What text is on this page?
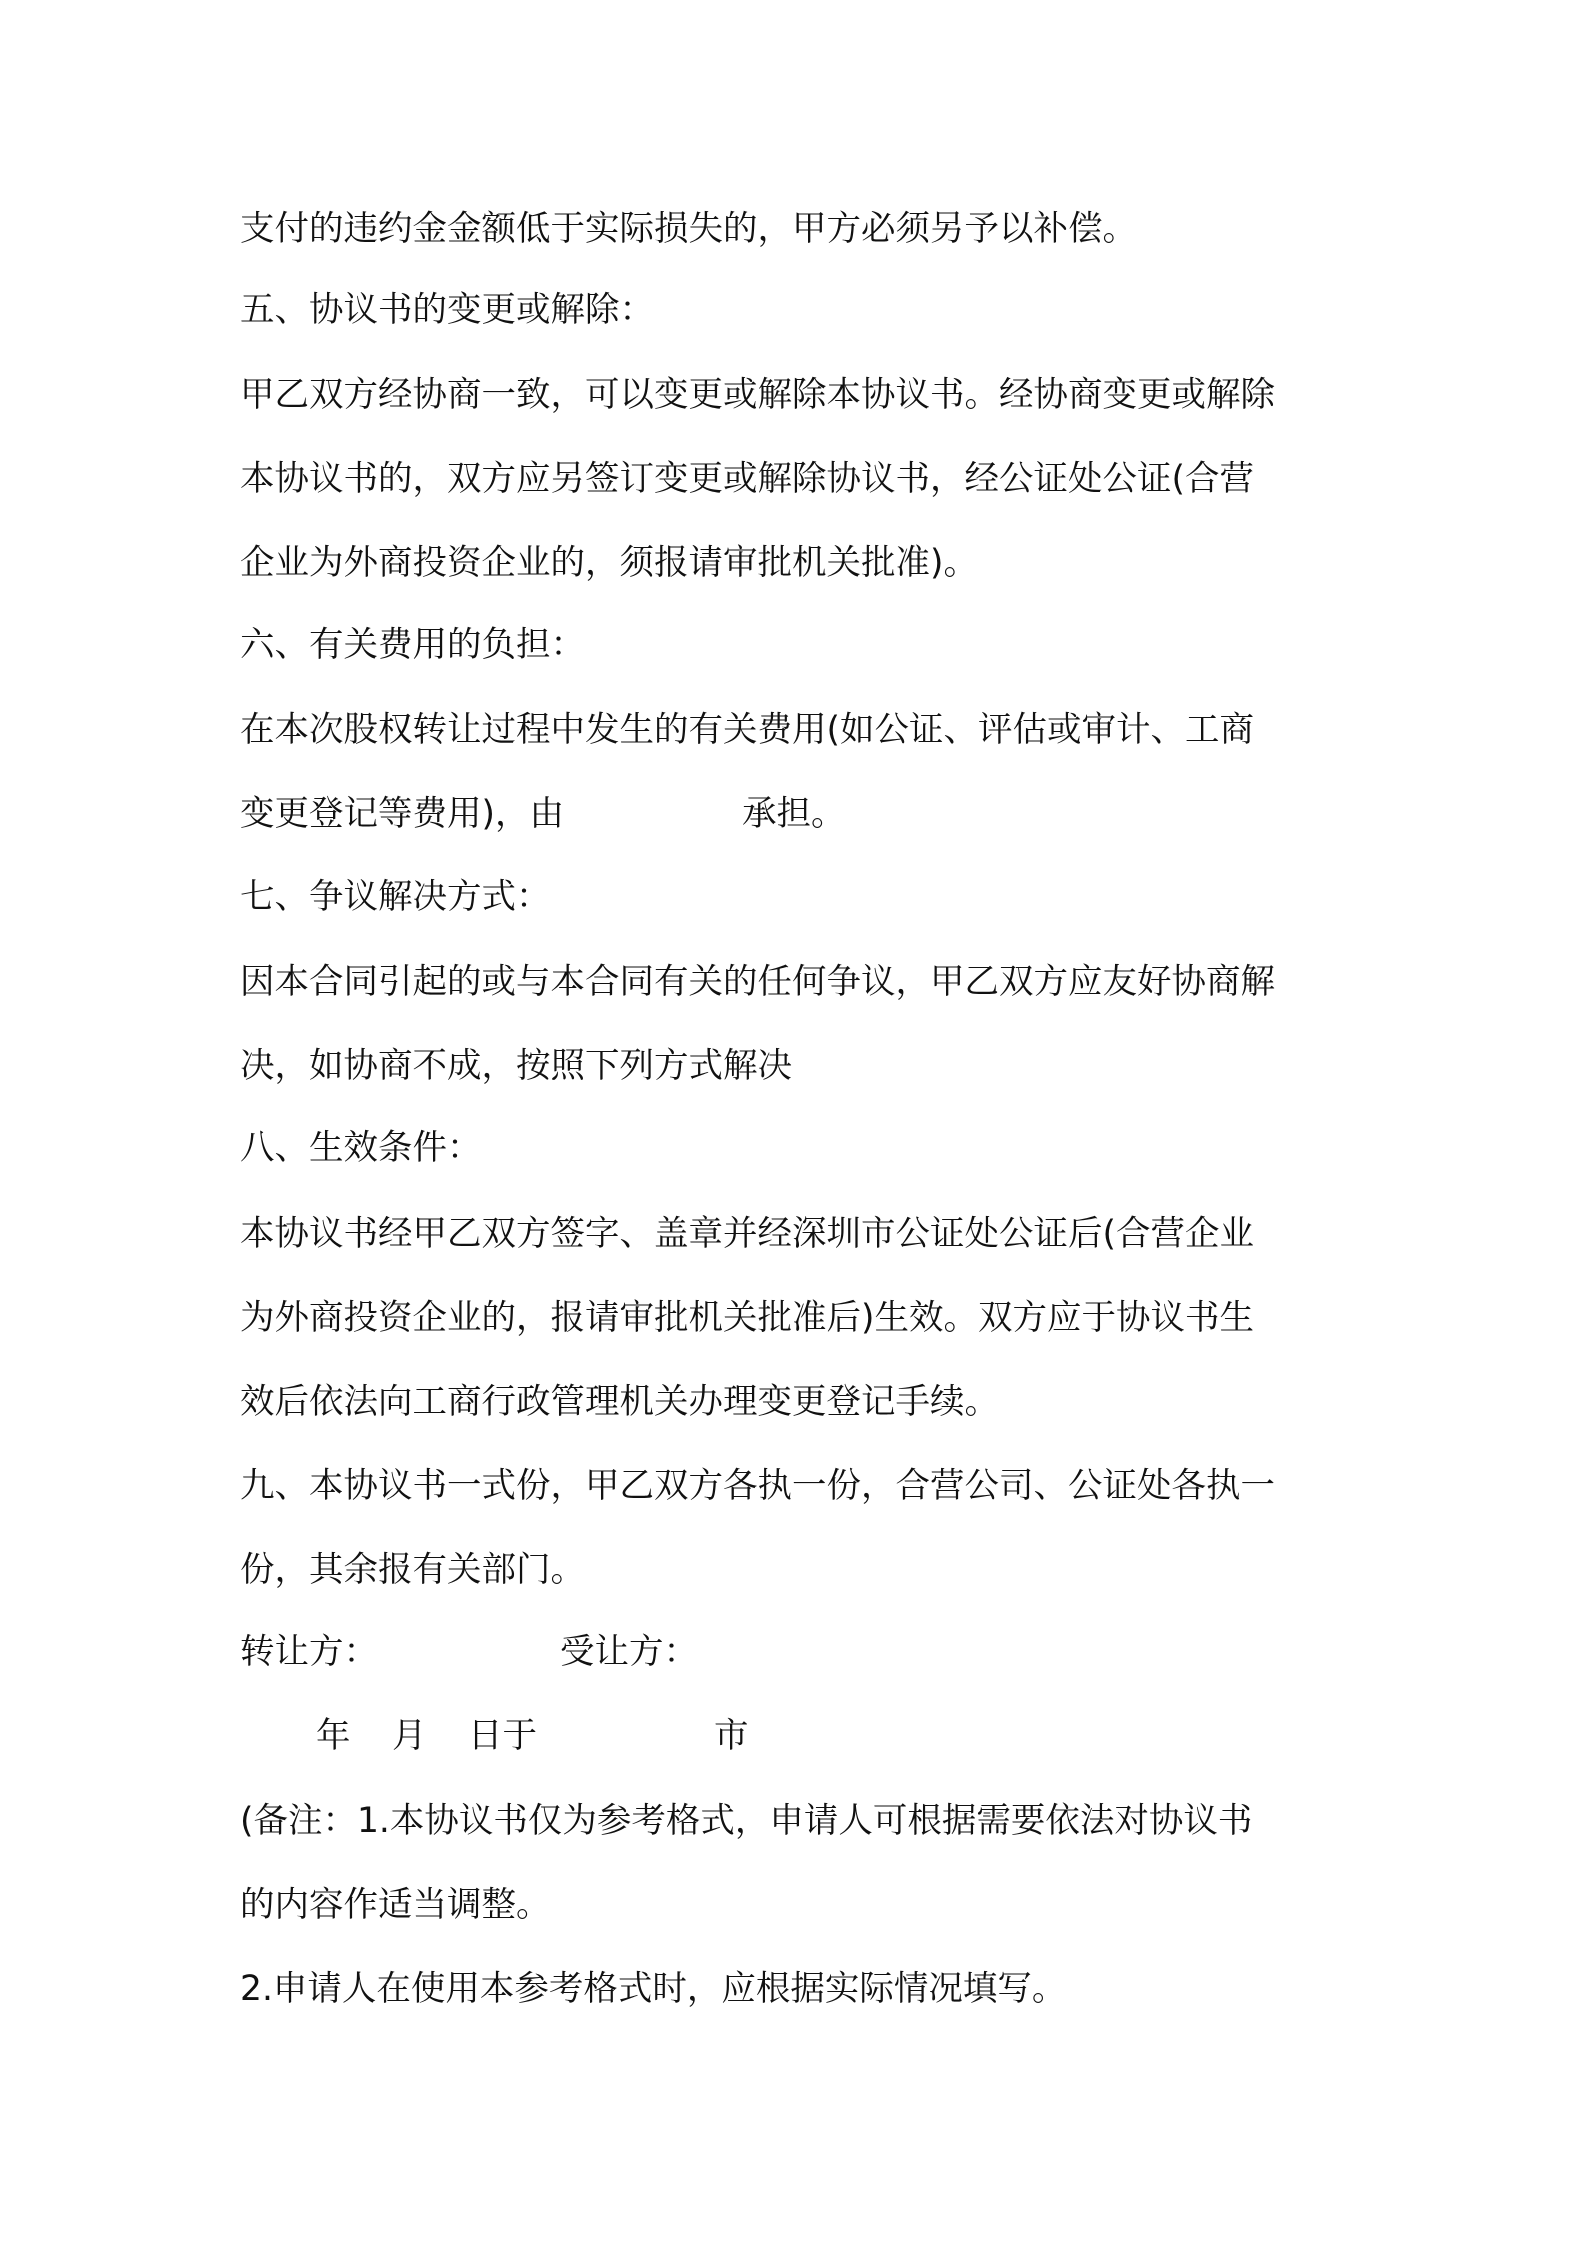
支付的违约金金额低于实际损失的，甲方必须另予以补偿。
五、协议书的变更或解除：
甲乙双方经协商一致，可以变更或解除本协议书。经协商变更或解除
本协议书的，双方应另签订变更或解除协议书，经公证处公证(合营
企业为外商投资企业的，须报请审批机关批准)。
六、有关费用的负担：
在本次股权转让过程中发生的有关费用(如公证、评估或审计、工商
变更登记等费用)，由	承担。
七、争议解决方式：
因本合同引起的或与本合同有关的任何争议，甲乙双方应友好协商解
决，如协商不成，按照下列方式解决
八、生效条件：
本协议书经甲乙双方签字、盖章并经深圳市公证处公证后(合营企业
为外商投资企业的，报请审批机关批准后)生效。双方应于协议书生
效后依法向工商行政管理机关办理变更登记手续。
九、本协议书一式份，甲乙双方各执一份，合营公司、公证处各执一
份，其余报有关部门。
转让方：	受让方：
年 月 日于	市
(备注：1.本协议书仅为参考格式，申请人可根据需要依法对协议书
的内容作适当调整。
2.申请人在使用本参考格式时，应根据实际情况填写。
